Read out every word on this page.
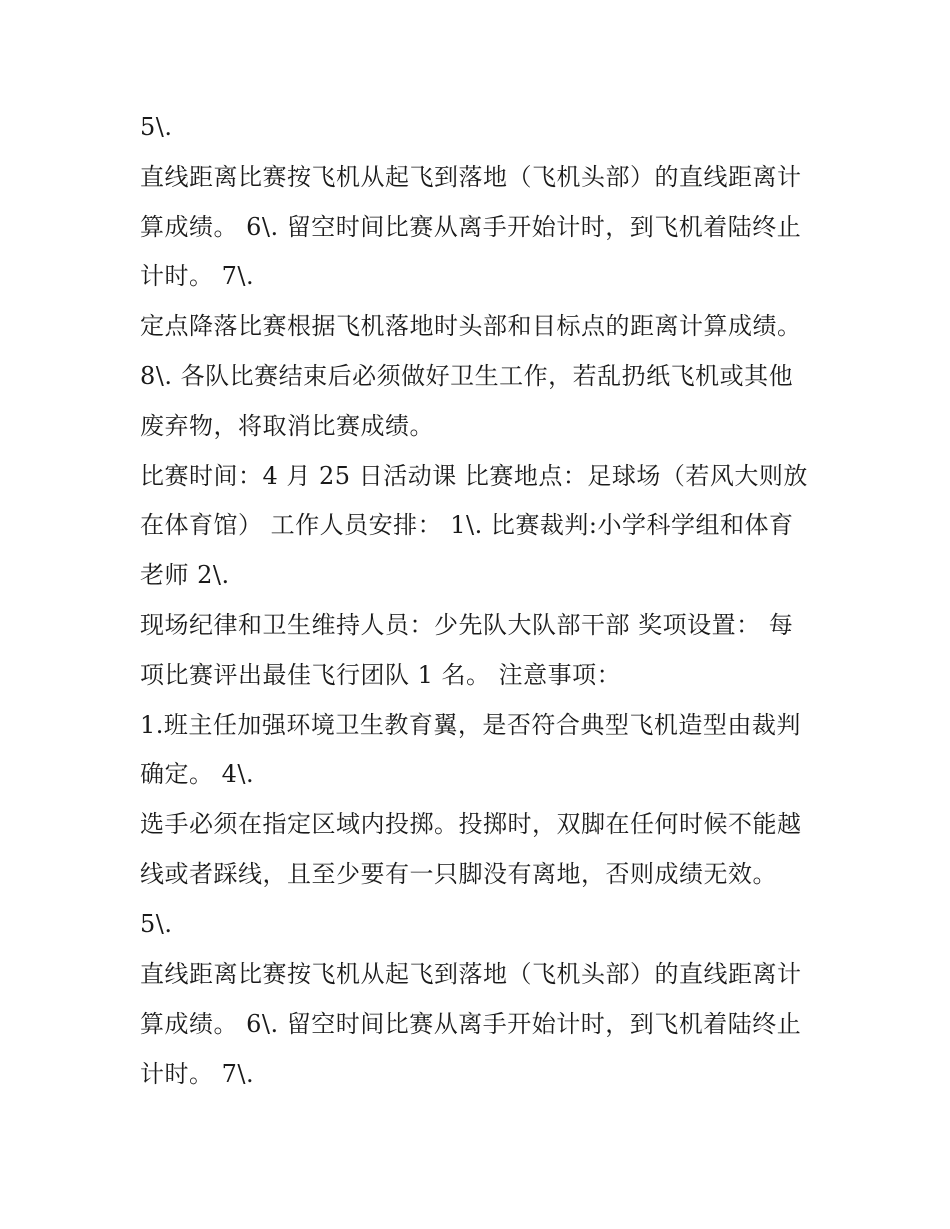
5\.
直线距离比赛按飞机从起飞到落地（飞机头部）的直线距离计
算成绩。 6\. 留空时间比赛从离手开始计时，到飞机着陆终止
计时。 7\.
定点降落比赛根据飞机落地时头部和目标点的距离计算成绩。
8\. 各队比赛结束后必须做好卫生工作，若乱扔纸飞机或其他
废弃物，将取消比赛成绩。
比赛时间：4 月 25 日活动课 比赛地点：足球场（若风大则放
在体育馆） 工作人员安排： 1\. 比赛裁判:小学科学组和体育
老师 2\.
现场纪律和卫生维持人员：少先队大队部干部 奖项设置： 每
项比赛评出最佳飞行团队 1 名。 注意事项：
1.班主任加强环境卫生教育翼，是否符合典型飞机造型由裁判
确定。 4\.
选手必须在指定区域内投掷。投掷时，双脚在任何时候不能越
线或者踩线，且至少要有一只脚没有离地，否则成绩无效。
5\.
直线距离比赛按飞机从起飞到落地（飞机头部）的直线距离计
算成绩。 6\. 留空时间比赛从离手开始计时，到飞机着陆终止
计时。 7\.
